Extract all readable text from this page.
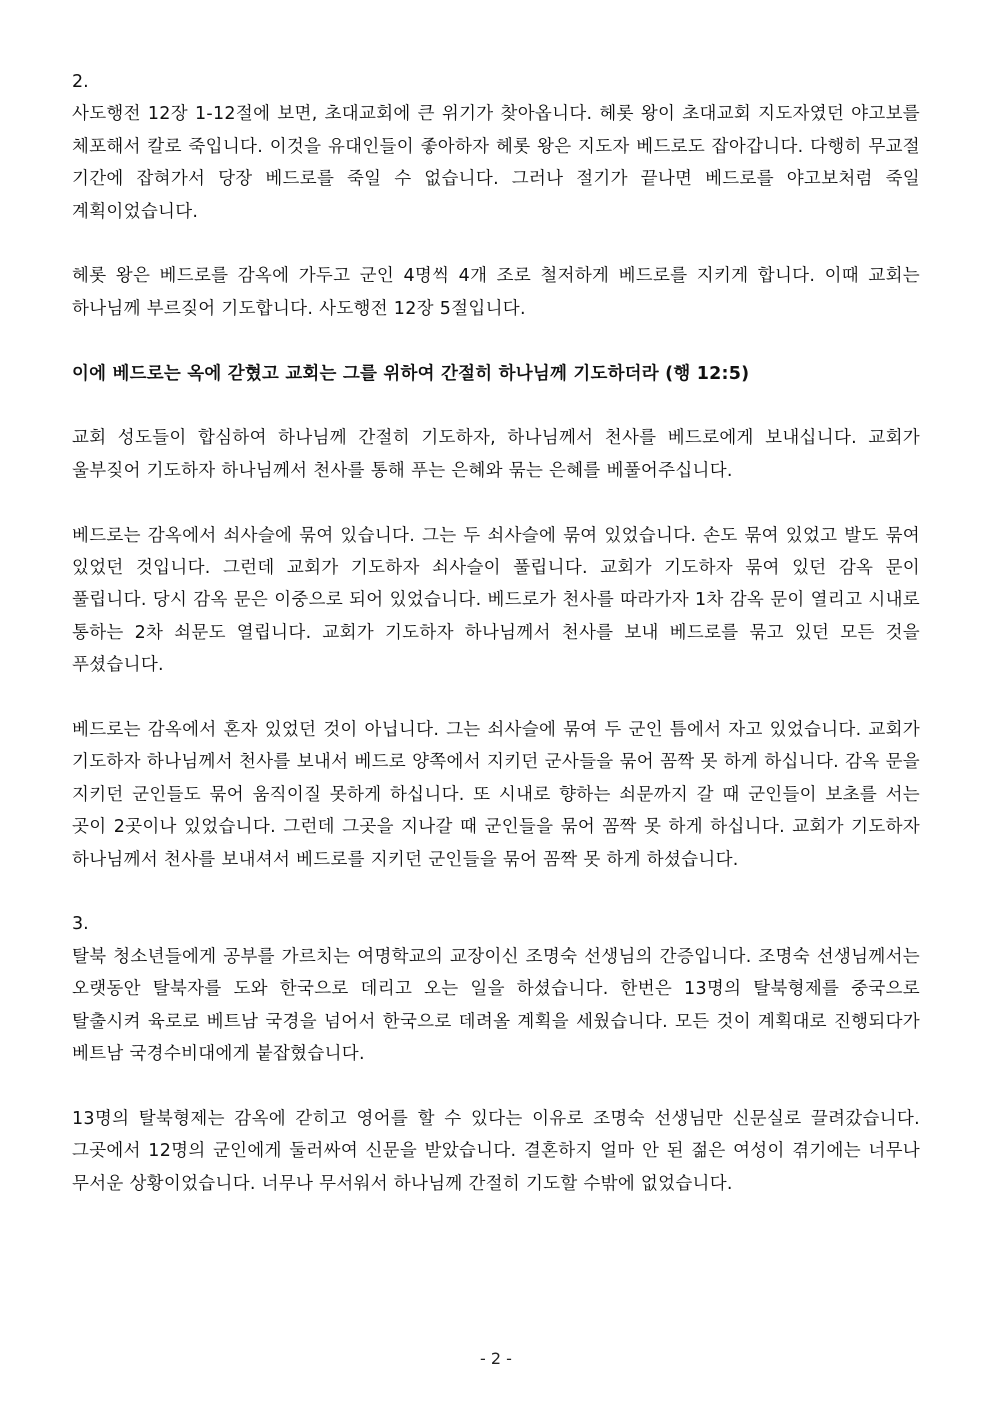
2.

사도행전 12장 1-12절에 보면, 초대교회에 큰 위기가 찾아옵니다. 헤롯 왕이 초대교회 지도자였던 야고보를 체포해서 칼로 죽입니다. 이것을 유대인들이 좋아하자 헤롯 왕은 지도자 베드로도 잡아갑니다. 다행히 무교절 기간에 잡혀가서 당장 베드로를 죽일 수 없습니다. 그러나 절기가 끝나면 베드로를 야고보처럼 죽일 계획이었습니다.

헤롯 왕은 베드로를 감옥에 가두고 군인 4명씩 4개 조로 철저하게 베드로를 지키게 합니다. 이때 교회는 하나님께 부르짖어 기도합니다. 사도행전 12장 5절입니다.

이에 베드로는 옥에 갇혔고 교회는 그를 위하여 간절히 하나님께 기도하더라 (행 12:5)

교회 성도들이 합심하여 하나님께 간절히 기도하자, 하나님께서 천사를 베드로에게 보내십니다. 교회가 울부짖어 기도하자 하나님께서 천사를 통해 푸는 은혜와 묶는 은혜를 베풀어주십니다.

베드로는 감옥에서 쇠사슬에 묶여 있습니다. 그는 두 쇠사슬에 묶여 있었습니다. 손도 묶여 있었고 발도 묶여 있었던 것입니다. 그런데 교회가 기도하자 쇠사슬이 풀립니다. 교회가 기도하자 묶여 있던 감옥 문이 풀립니다. 당시 감옥 문은 이중으로 되어 있었습니다. 베드로가 천사를 따라가자 1차 감옥 문이 열리고 시내로 통하는 2차 쇠문도 열립니다. 교회가 기도하자 하나님께서 천사를 보내 베드로를 묶고 있던 모든 것을 푸셨습니다.

베드로는 감옥에서 혼자 있었던 것이 아닙니다. 그는 쇠사슬에 묶여 두 군인 틈에서 자고 있었습니다. 교회가 기도하자 하나님께서 천사를 보내서 베드로 양쪽에서 지키던 군사들을 묶어 꼼짝 못 하게 하십니다. 감옥 문을 지키던 군인들도 묶어 움직이질 못하게 하십니다. 또 시내로 향하는 쇠문까지 갈 때 군인들이 보초를 서는 곳이 2곳이나 있었습니다. 그런데 그곳을 지나갈 때 군인들을 묶어 꼼짝 못 하게 하십니다. 교회가 기도하자 하나님께서 천사를 보내셔서 베드로를 지키던 군인들을 묶어 꼼짝 못 하게 하셨습니다.

3.

탈북 청소년들에게 공부를 가르치는 여명학교의 교장이신 조명숙 선생님의 간증입니다. 조명숙 선생님께서는 오랫동안 탈북자를 도와 한국으로 데리고 오는 일을 하셨습니다. 한번은 13명의 탈북형제를 중국으로 탈출시켜 육로로 베트남 국경을 넘어서 한국으로 데려올 계획을 세웠습니다. 모든 것이 계획대로 진행되다가 베트남 국경수비대에게 붙잡혔습니다.

13명의 탈북형제는 감옥에 갇히고 영어를 할 수 있다는 이유로 조명숙 선생님만 신문실로 끌려갔습니다. 그곳에서 12명의 군인에게 둘러싸여 신문을 받았습니다. 결혼하지 얼마 안 된 젊은 여성이 겪기에는 너무나 무서운 상황이었습니다. 너무나 무서워서 하나님께 간절히 기도할 수밖에 없었습니다.

- 2 -
